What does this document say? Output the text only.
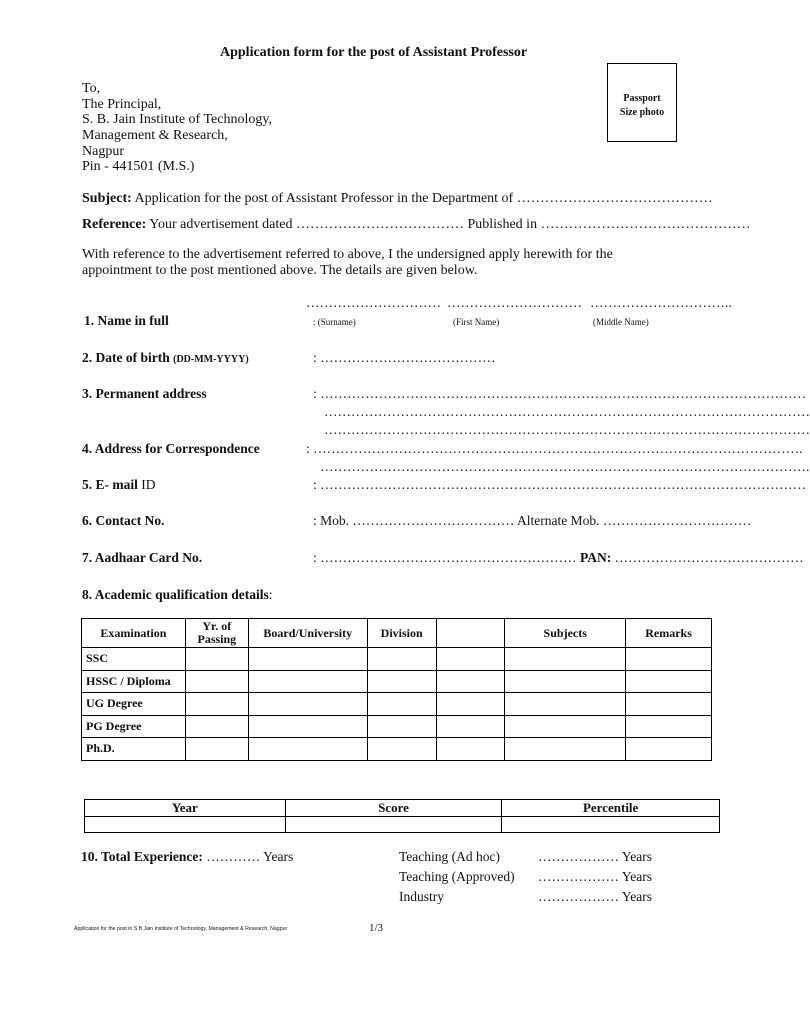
Application form for the post of Assistant Professor
Passport
Size photo
To,
The Principal,
S. B. Jain Institute of Technology,
Management & Research,
Nagpur
Pin - 441501 (M.S.)
Subject: Application for the post of Assistant Professor in the Department of ……………………………………
Reference: Your advertisement dated ……………………………… Published in ………………………………………
With reference to the advertisement referred to above, I the undersigned apply herewith for the
appointment to the post mentioned above. The details are given below.
………………………… ………………………… …………………………..
1. Name in full	: (Surname)	(First Name)	(Middle Name)
2. Date of birth (DD-MM-YYYY)	: …………………………………
3. Permanent address	: ………………………………………………………………………………………………
………………………………………………………………………………………………
………………………………………………………………………………………………
4. Address for Correspondence	: ……………………………………………………………………………………………….
……………………………………………………………………………………………….
5. E- mail ID	: ………………………………………………………………………………………………
6. Contact No.	: Mob. ……………………………… Alternate Mob. ……………………………
7. Aadhaar Card No.	: ………………………………………………… PAN: ……………………………………
8. Academic qualification details:
Examination	Yr. of Passing	Board/University	Division		Subjects	Remarks
SSC						
HSSC / Diploma						
UG Degree						
PG Degree						
Ph.D.						
Year	Score	Percentile

10. Total Experience: ………… Years	Teaching (Ad hoc)	……………… Years
Teaching (Approved) ……………… Years
Industry	……………… Years
Application for the post in S B Jain Institute of Technology, Management & Research, Nagpur	1/3
